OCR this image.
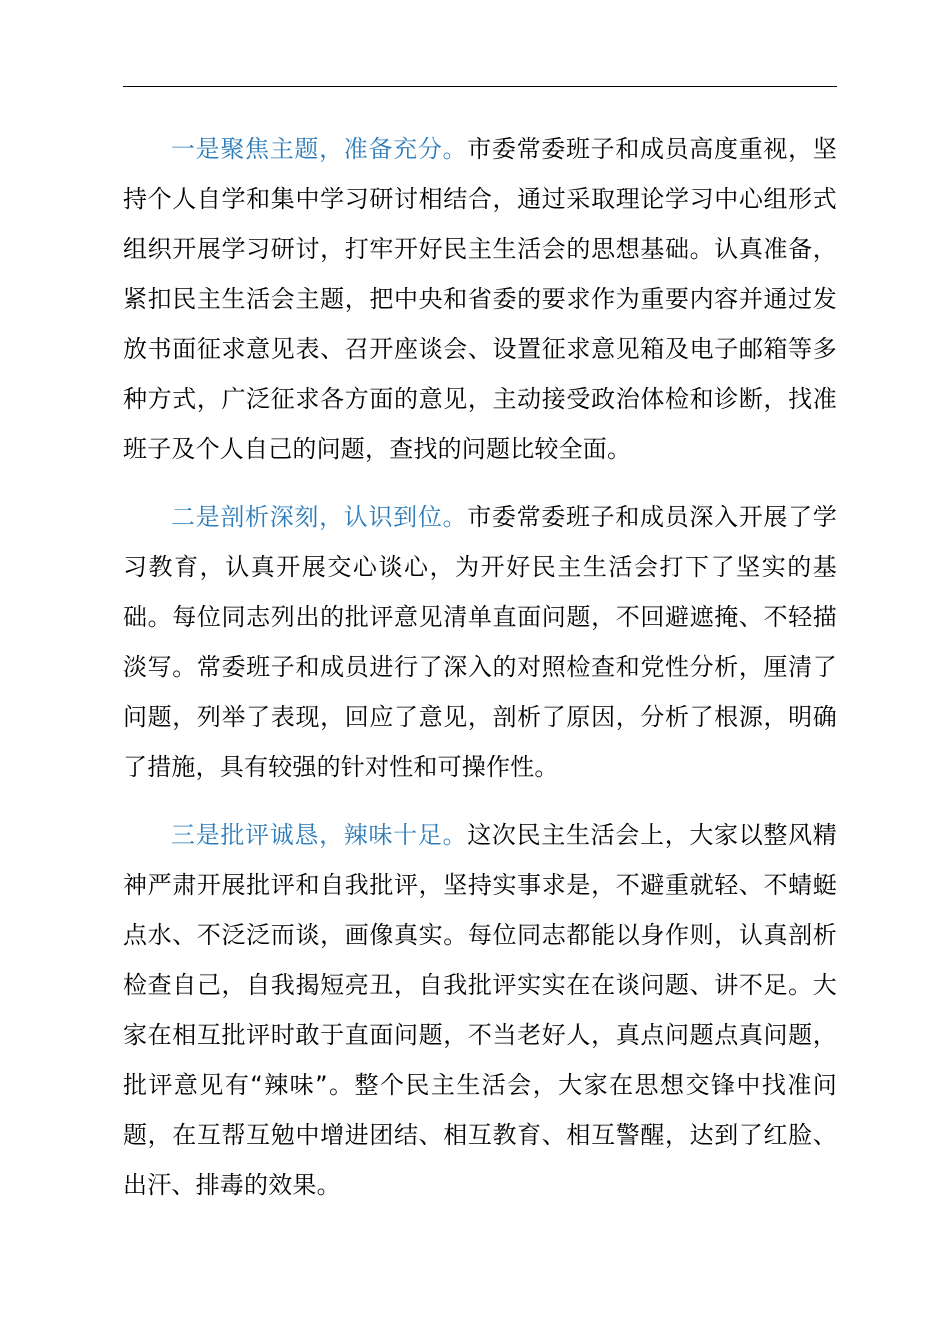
一是聚焦主题，准备充分。市委常委班子和成员高度重视，坚持个人自学和集中学习研讨相结合，通过采取理论学习中心组形式组织开展学习研讨，打牢开好民主生活会的思想基础。认真准备，紧扣民主生活会主题，把中央和省委的要求作为重要内容并通过发放书面征求意见表、召开座谈会、设置征求意见箱及电子邮箱等多种方式，广泛征求各方面的意见，主动接受政治体检和诊断，找准班子及个人自己的问题，查找的问题比较全面。

二是剖析深刻，认识到位。市委常委班子和成员深入开展了学习教育，认真开展交心谈心，为开好民主生活会打下了坚实的基础。每位同志列出的批评意见清单直面问题，不回避遮掩、不轻描淡写。常委班子和成员进行了深入的对照检查和党性分析，厘清了问题，列举了表现，回应了意见，剖析了原因，分析了根源，明确了措施，具有较强的针对性和可操作性。

三是批评诚恳，辣味十足。这次民主生活会上，大家以整风精神严肃开展批评和自我批评，坚持实事求是，不避重就轻、不蜻蜓点水、不泛泛而谈，画像真实。每位同志都能以身作则，认真剖析检查自己，自我揭短亮丑，自我批评实实在在谈问题、讲不足。大家在相互批评时敢于直面问题，不当老好人，真点问题点真问题，批评意见有“辣味”。整个民主生活会，大家在思想交锋中找准问题，在互帮互勉中增进团结、相互教育、相互警醒，达到了红脸、出汗、排毒的效果。
